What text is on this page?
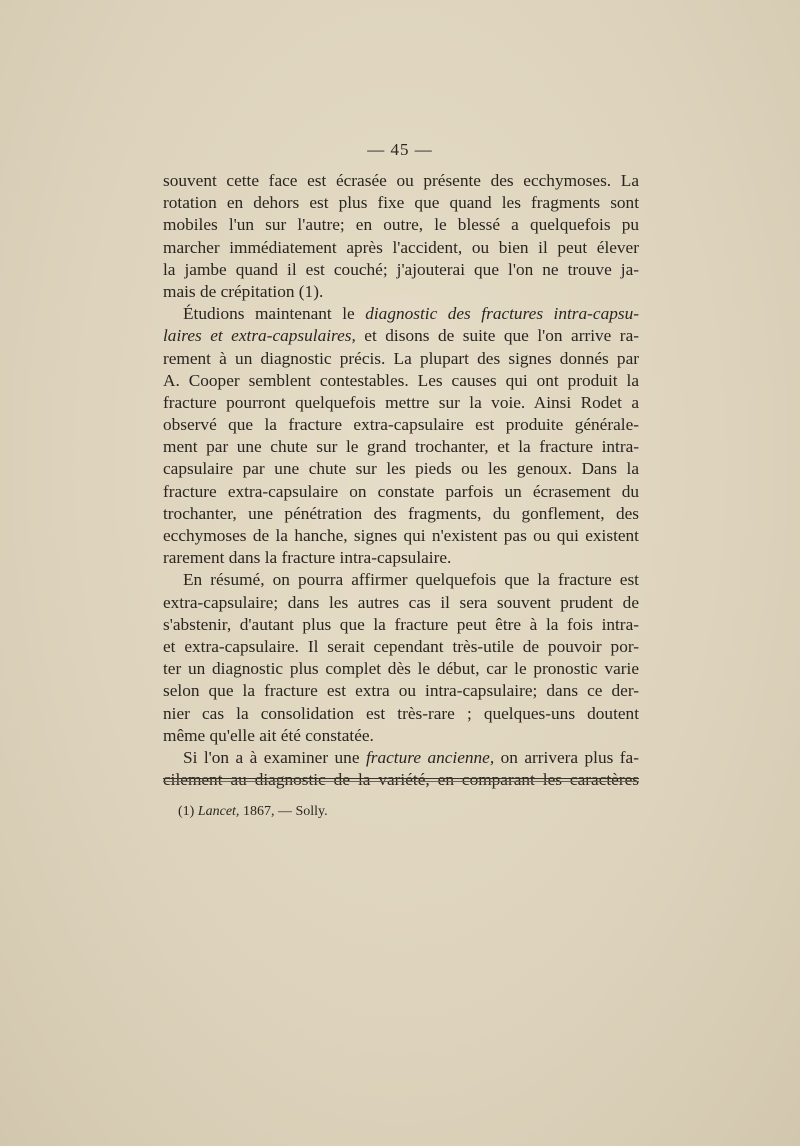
— 45 —
souvent cette face est écrasée ou présente des ecchymoses. La
rotation en dehors est plus fixe que quand les fragments sont
mobiles l'un sur l'autre; en outre, le blessé a quelquefois pu
marcher immédiatement après l'accident, ou bien il peut élever
la jambe quand il est couché; j'ajouterai que l'on ne trouve ja-
mais de crépitation (1).
Étudions maintenant le diagnostic des fractures intra-capsu-
laires et extra-capsulaires, et disons de suite que l'on arrive ra-
rement à un diagnostic précis. La plupart des signes donnés par
A. Cooper semblent contestables. Les causes qui ont produit la
fracture pourront quelquefois mettre sur la voie. Ainsi Rodet a
observé que la fracture extra-capsulaire est produite générale-
ment par une chute sur le grand trochanter, et la fracture intra-
capsulaire par une chute sur les pieds ou les genoux. Dans la
fracture extra-capsulaire on constate parfois un écrasement du
trochanter, une pénétration des fragments, du gonflement, des
ecchymoses de la hanche, signes qui n'existent pas ou qui existent
rarement dans la fracture intra-capsulaire.
En résumé, on pourra affirmer quelquefois que la fracture est
extra-capsulaire; dans les autres cas il sera souvent prudent de
s'abstenir, d'autant plus que la fracture peut être à la fois intra-
et extra-capsulaire. Il serait cependant très-utile de pouvoir por-
ter un diagnostic plus complet dès le début, car le pronostic varie
selon que la fracture est extra ou intra-capsulaire; dans ce der-
nier cas la consolidation est très-rare ; quelques-uns doutent
même qu'elle ait été constatée.
Si l'on a à examiner une fracture ancienne, on arrivera plus fa-
cilement au diagnostic de la variété, en comparant les caractères
(1) Lancet, 1867, — Solly.
